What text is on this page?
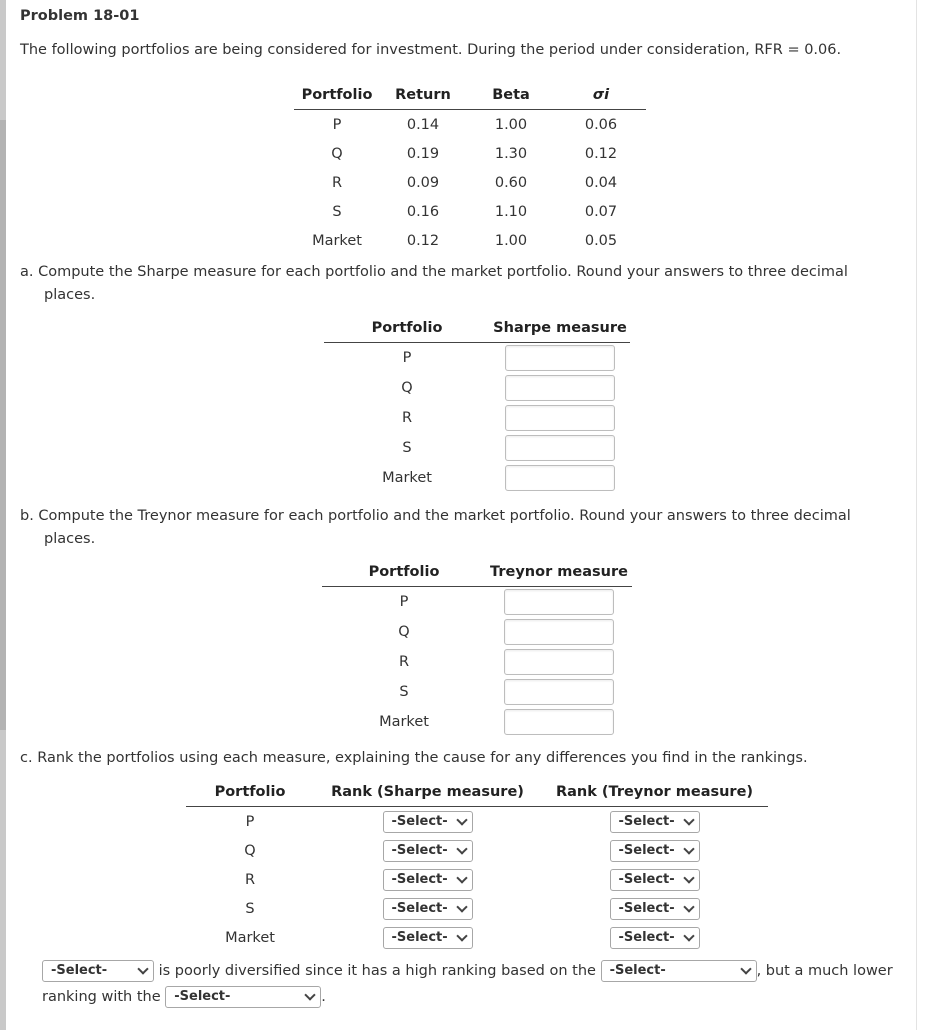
Problem 18-01
The following portfolios are being considered for investment. During the period under consideration, RFR = 0.06.
Portfolio	Return	Beta	σi
P	0.14	1.00	0.06
Q	0.19	1.30	0.12
R	0.09	0.60	0.04
S	0.16	1.10	0.07
Market	0.12	1.00	0.05
a. Compute the Sharpe measure for each portfolio and the market portfolio. Round your answers to three decimal places.
Portfolio	Sharpe measure
P	
Q	
R	
S	
Market	
b. Compute the Treynor measure for each portfolio and the market portfolio. Round your answers to three decimal places.
Portfolio	Treynor measure
P	
Q	
R	
S	
Market	
c. Rank the portfolios using each measure, explaining the cause for any differences you find in the rankings.
Portfolio	Rank (Sharpe measure)	Rank (Treynor measure)
P	-Select-	-Select-

Q	-Select-	-Select-

R	-Select-	-Select-

S	-Select-	-Select-

Market	-Select-	-Select-
-Select-	is poorly diversified since it has a high ranking based on the -Select-	, but a much lower ranking with the -Select-	.
